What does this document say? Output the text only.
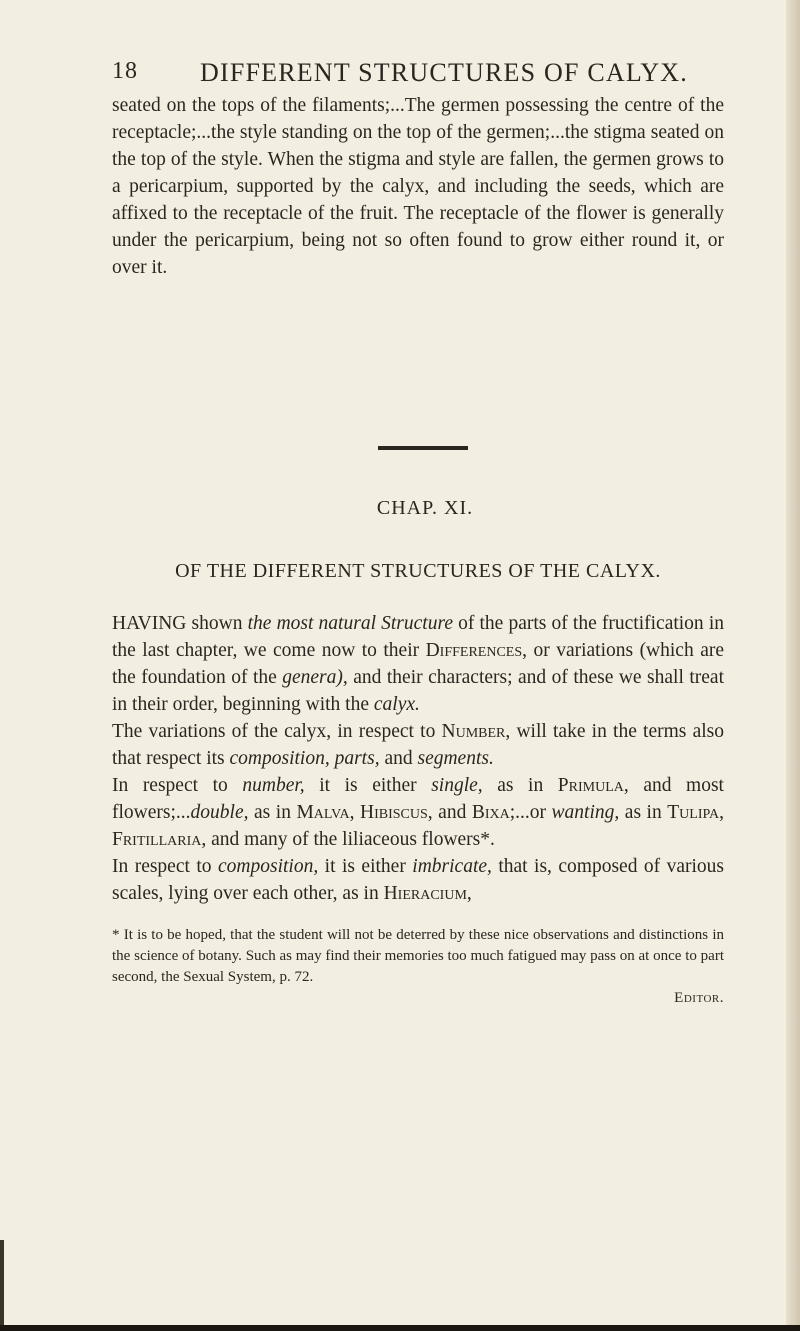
18 DIFFERENT STRUCTURES OF CALYX.
seated on the tops of the filaments;...The germen possessing the centre of the receptacle;...the style standing on the top of the germen;...the stigma seated on the top of the style. When the stigma and style are fallen, the germen grows to a pericarpium, supported by the calyx, and including the seeds, which are affixed to the receptacle of the fruit. The receptacle of the flower is generally under the pericarpium, being not so often found to grow either round it, or over it.
CHAP. XI.
OF THE DIFFERENT STRUCTURES OF THE CALYX.

HAVING shown the most natural Structure of the parts of the fructification in the last chapter, we come now to their Differences, or variations (which are the foundation of the genera), and their characters; and of these we shall treat in their order, beginning with the calyx.

The variations of the calyx, in respect to Number, will take in the terms also that respect its composition, parts, and segments.

In respect to number, it is either single, as in Primula, and most flowers;...double, as in Malva, Hibiscus, and Bixa;...or wanting, as in Tulipa, Fritillaria, and many of the liliaceous flowers*.

In respect to composition, it is either imbricate, that is, composed of various scales, lying over each other, as in Hieracium,

* It is to be hoped, that the student will not be deterred by these nice observations and distinctions in the science of botany. Such as may find their memories too much fatigued may pass on at once to part second, the Sexual System, p. 72.
Editor.
